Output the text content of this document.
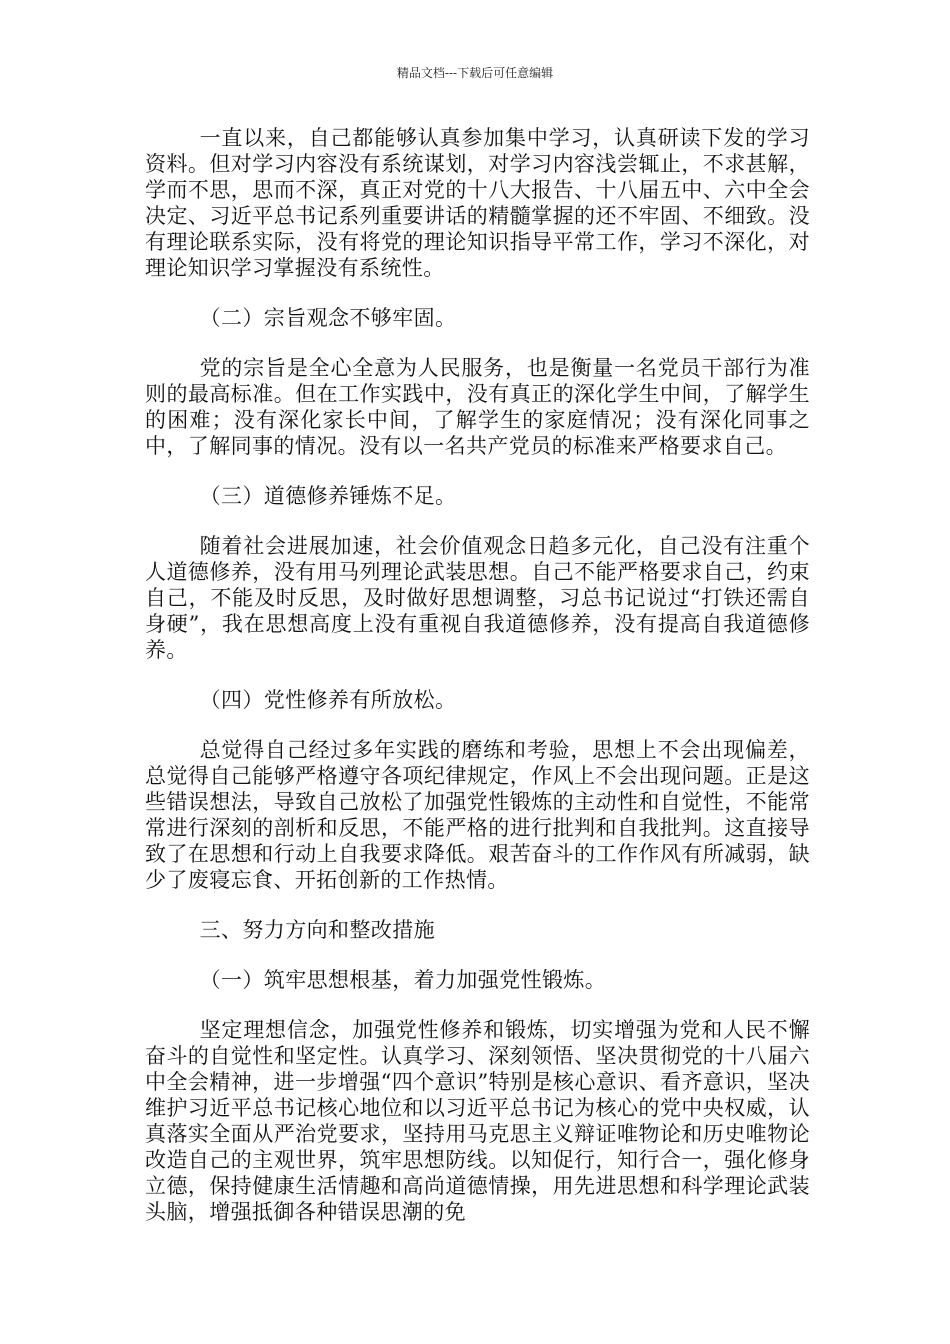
精品文档---下载后可任意编辑

一直以来，自己都能够认真参加集中学习，认真研读下发的学习资料。但对学习内容没有系统谋划，对学习内容浅尝辄止，不求甚解，学而不思，思而不深，真正对党的十八大报告、十八届五中、六中全会决定、习近平总书记系列重要讲话的精髓掌握的还不牢固、不细致。没有理论联系实际，没有将党的理论知识指导平常工作，学习不深化，对理论知识学习掌握没有系统性。

（二）宗旨观念不够牢固。

党的宗旨是全心全意为人民服务，也是衡量一名党员干部行为准则的最高标准。但在工作实践中，没有真正的深化学生中间，了解学生的困难；没有深化家长中间，了解学生的家庭情况；没有深化同事之中，了解同事的情况。没有以一名共产党员的标准来严格要求自己。

（三）道德修养锤炼不足。

随着社会进展加速，社会价值观念日趋多元化，自己没有注重个人道德修养，没有用马列理论武装思想。自己不能严格要求自己，约束自己，不能及时反思，及时做好思想调整，习总书记说过“打铁还需自身硬”，我在思想高度上没有重视自我道德修养，没有提高自我道德修养。

（四）党性修养有所放松。

总觉得自己经过多年实践的磨练和考验，思想上不会出现偏差，总觉得自己能够严格遵守各项纪律规定，作风上不会出现问题。正是这些错误想法，导致自己放松了加强党性锻炼的主动性和自觉性，不能常常进行深刻的剖析和反思，不能严格的进行批判和自我批判。这直接导致了在思想和行动上自我要求降低。艰苦奋斗的工作作风有所减弱，缺少了废寝忘食、开拓创新的工作热情。

三、努力方向和整改措施

（一）筑牢思想根基，着力加强党性锻炼。

坚定理想信念，加强党性修养和锻炼，切实增强为党和人民不懈奋斗的自觉性和坚定性。认真学习、深刻领悟、坚决贯彻党的十八届六中全会精神，进一步增强“四个意识”特别是核心意识、看齐意识，坚决维护习近平总书记核心地位和以习近平总书记为核心的党中央权威，认真落实全面从严治党要求，坚持用马克思主义辩证唯物论和历史唯物论改造自己的主观世界，筑牢思想防线。以知促行，知行合一，强化修身立德，保持健康生活情趣和高尚道德情操，用先进思想和科学理论武装头脑，增强抵御各种错误思潮的免
